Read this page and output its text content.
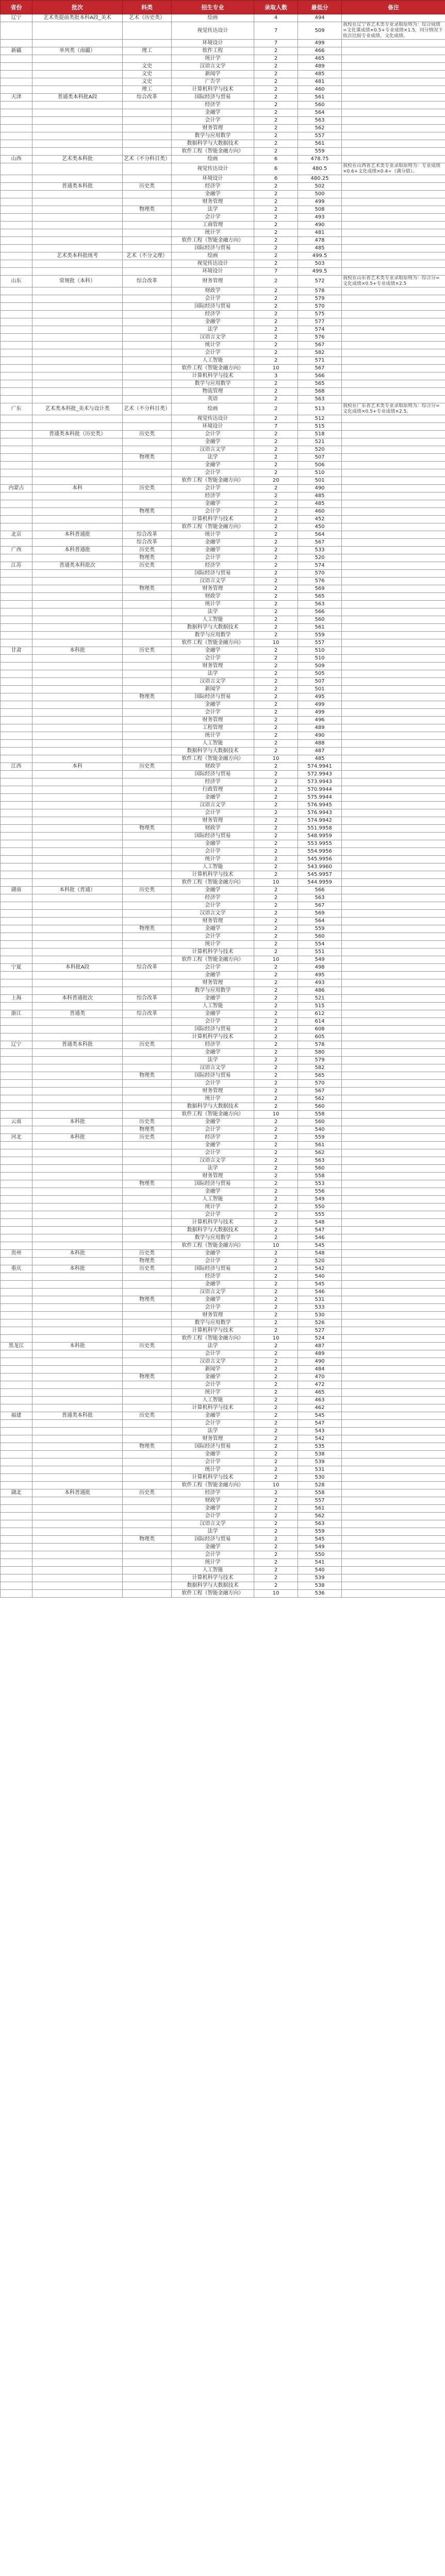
省份	批次	科类	招生专业	录取人数	最低分	备注
辽宁	艺术类提前类批本科A段_美术	艺术（历史类）	绘画	4	494	
			视觉传达设计	7	509	我校在辽宁省艺术类专业录取原则为：综合成绩=文化课成绩×0.5+专业成绩×1.5，同分情况下依次比较专业成绩、文化成绩。
			环境设计	7	499	
新疆	单列类（南疆）	理工	软件工程	2	466	
			统计学	2	465	
		文史	汉语言文学	2	489	
		文史	新闻学	2	485	
		文史	广告学	2	481	
		理工	计算机科学与技术	2	460	
天津	普通类本科批A段	综合改革	国际经济与贸易	2	561	
			经济学	2	560	
			金融学	2	564	
			会计学	2	563	
			财务管理	2	562	
			数学与应用数学	2	557	
			数据科学与大数据技术	2	561	
			软件工程（智能金融方向）	2	559	
山西	艺术类本科批	艺术（不分科目类）	绘画	6	478.75	
			视觉传达设计	6	480.5	我校在山西省艺术类专业录取原则为：专业成绩×0.6+文化成绩×0.4÷（满分值）。
			环境设计	6	480.25	
	普通类本科批	历史类	经济学	2	502	
			金融学	2	500	
			财务管理	2	499	
		物理类	法学	2	508	
			会计学	2	493	
			工商管理	2	490	
			统计学	2	481	
			软件工程（智能金融方向）	2	478	
			国际经济与贸易	2	485	
	艺术类本科批统考	艺术（不分文理）	绘画	2	499.5	
			视觉传达设计	2	503	
			环境设计	7	499.5	
山东	常规批（本科）	综合改革	财务管理	2	572	我校在山东省艺术类专业录取原则为：综合分=文化成绩×0.5+专业成绩×2.5
			财政学	2	578	
			会计学	2	579	
			国际经济与贸易	2	570	
			经济学	2	575	
			金融学	2	577	
			法学	2	574	
			汉语言文学	2	576	
			统计学	2	567	
			会计学	2	582	
			人工智能	2	571	
			软件工程（智能金融方向）	10	567	
			计算机科学与技术	3	566	
			数学与应用数学	2	565	
			物流管理	2	568	
			英语	2	563	
广东	艺术类本科批_美术与设计类	艺术（不分科目类）	绘画	2	513	我校在广东省艺术类专业录取原则为：综合分=文化成绩×0.5+专业成绩×2.5。
			视觉传达设计	2	512	
			环境设计	7	515	
	普通类本科批（历史类）	历史类	会计学	2	518	
			金融学	2	521	
			汉语言文学	2	520	
		物理类	法学	2	507	
			金融学	2	506	
			会计学	2	510	
			软件工程（智能金融方向）	20	501	
内蒙古	本科	历史类	会计学	2	490	
			经济学	2	485	
			金融学	2	485	
		物理类	会计学	2	460	
			计算机科学与技术	2	452	
			软件工程（智能金融方向）	2	450	
北京	本科普通批	综合改革	统计学	2	564	
		综合改革	金融学	2	567	
广西	本科普通批	历史类	金融学	2	533	
		物理类	会计学	2	520	
江苏	普通类本科批次	历史类	经济学	2	574	
			国际经济与贸易	2	570	
			汉语言文学	2	576	
		物理类	财务管理	2	569	
			财政学	2	565	
			统计学	2	563	
			法学	2	566	
			人工智能	2	560	
			数据科学与大数据技术	2	561	
			数学与应用数学	2	559	
			软件工程（智能金融方向）	10	557	
甘肃	本科批	历史类	金融学	2	510	
			会计学	2	510	
			财务管理	2	509	
			法学	2	505	
			汉语言文学	2	507	
			新闻学	2	501	
		物理类	国际经济与贸易	2	495	
			金融学	2	499	
			会计学	2	499	
			财务管理	2	496	
			工程管理	2	489	
			统计学	2	490	
			人工智能	2	488	
			数据科学与大数据技术	2	487	
			软件工程（智能金融方向）	10	485	
江西	本科	历史类	财政学	2	574.9941	
			国际经济与贸易	2	572.9943	
			经济学	2	573.9943	
			行政管理	2	570.9944	
			金融学	2	575.9944	
			汉语言文学	2	576.9945	
			会计学	2	576.9943	
			财务管理	2	574.9942	
		物理类	财政学	2	551.9958	
			国际经济与贸易	2	548.9959	
			金融学	2	553.9955	
			会计学	2	554.9956	
			统计学	2	545.9956	
			人工智能	2	543.9960	
			计算机科学与技术	2	545.9957	
			软件工程（智能金融方向）	10	544.9959	
湖南	本科批（普通）	历史类	金融学	2	566	
			经济学	2	563	
			会计学	2	567	
			汉语言文学	2	569	
			财务管理	2	564	
		物理类	金融学	2	559	
			会计学	2	560	
			统计学	2	554	
			计算机科学与技术	2	551	
			软件工程（智能金融方向）	10	549	
宁夏	本科批A段	综合改革	会计学	2	498	
			金融学	2	495	
			财务管理	2	493	
			数学与应用数学	2	486	
上海	本科普通批次	综合改革	金融学	2	521	
			人工智能	2	515	
浙江	普通类	综合改革	金融学	2	612	
			会计学	2	614	
			国际经济与贸易	2	608	
			计算机科学与技术	2	605	
辽宁	普通类本科批	历史类	经济学	2	578	
			金融学	2	580	
			法学	2	579	
			汉语言文学	2	582	
		物理类	国际经济与贸易	2	565	
			会计学	2	570	
			财务管理	2	567	
			统计学	2	562	
			数据科学与大数据技术	2	560	
			软件工程（智能金融方向）	10	558	
云南	本科批	历史类	金融学	2	560	
		物理类	会计学	2	540	
河北	本科批	历史类	经济学	2	559	
			金融学	2	561	
			会计学	2	562	
			汉语言文学	2	563	
			法学	2	560	
			财务管理	2	558	
		物理类	国际经济与贸易	2	553	
			金融学	2	556	
			人工智能	2	549	
			统计学	2	550	
			会计学	2	555	
			计算机科学与技术	2	548	
			数据科学与大数据技术	2	547	
			数学与应用数学	2	546	
			软件工程（智能金融方向）	10	545	
贵州	本科批	历史类	金融学	2	548	
		物理类	会计学	2	520	
重庆	本科批	历史类	国际经济与贸易	2	542	
			经济学	2	540	
			金融学	2	545	
			汉语言文学	2	546	
		物理类	金融学	2	531	
			会计学	2	533	
			财务管理	2	530	
			数学与应用数学	2	526	
			计算机科学与技术	2	527	
			软件工程（智能金融方向）	10	524	
黑龙江	本科批	历史类	法学	2	487	
			会计学	2	489	
			汉语言文学	2	490	
			新闻学	2	484	
		物理类	金融学	2	470	
			会计学	2	472	
			统计学	2	465	
			人工智能	2	463	
			计算机科学与技术	2	462	
福建	普通类本科批	历史类	金融学	2	545	
			会计学	2	547	
			法学	2	543	
			财务管理	2	542	
		物理类	国际经济与贸易	2	535	
			金融学	2	538	
			会计学	2	539	
			统计学	2	531	
			计算机科学与技术	2	530	
			软件工程（智能金融方向）	10	528	
湖北	本科普通批	历史类	经济学	2	558	
			财政学	2	557	
			金融学	2	561	
			会计学	2	562	
			汉语言文学	2	563	
			法学	2	559	
		物理类	国际经济与贸易	2	545	
			金融学	2	549	
			会计学	2	550	
			统计学	2	541	
			人工智能	2	540	
			计算机科学与技术	2	539	
			数据科学与大数据技术	2	538	
			软件工程（智能金融方向）	10	536	
